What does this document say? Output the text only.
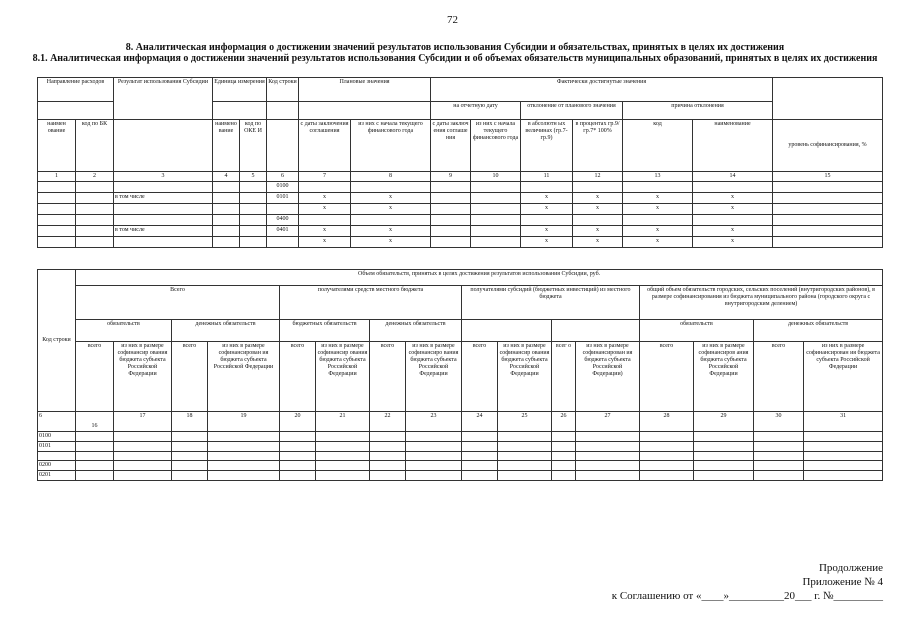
72
8. Аналитическая информация о достижении значений результатов использования Субсидии и обязательствах, принятых в целях их достижения
8.1. Аналитическая информация о достижении значений результатов использования Субсидии и об объемах обязательств муниципальных образований, принятых в целях их достижения
Направление расходов		Результат использования Субсидии	Единица измерения		Код строки	Плановые значения		Фактически достигнутые значения						
								на отчетную дату		отклонение от планового значения		причина отклонения		
наимен ование	код по БК		наимено вание	код по ОКЕ И		с даты заключения соглашения	из них с начала текущего финансового года	с даты заключ ения соглаше ния	из них с начала текущего финансового года	в абсолютн ых величинах (гр.7-гр.9)	в процентах гр.9/гр.7* 100%	код	наименование	уровень софинансирования, %
1	2	3	4	5	6	7	8	9	10	11	12	13	14	15
					0100									
		в том числе			0101	х	х			х	х	х	х	
						х	х			х	х	х	х	
					0400									
		в том числе			0401	х	х			х	х	х	х	
						х	х			х	х	х	х	
Код строки	Объем обязательств, принятых в целях достижения результатов использования Субсидии, руб.															
	Всего				получателями средств местного бюджета				получателями субсидий (бюджетных инвестиций) из местного бюджета				общий объем обязательств городских, сельских поселений (внутригородских районов), в размере софинансирования из бюджета муниципального района (городского округа с внутригородским делением)			
	обязательств		денежных обязательств		бюджетных обязательств		денежных обязательств						обязательств		денежных обязательств	
	всего	из них в размере софинансир ования бюджета субъекта Российской Федерации	всего	из них в размере софинансирован ия бюджета субъекта Российской Федерации	всего	из них в размере софинансир ования бюджета субъекта Российской Федерации	всего	из них в размере софинансиро вания бюджета субъекта Российской Федерации	всего	из них в размере софинансир ования бюджета субъекта Российской Федерации	всег о	из них в размере софинансирован ия бюджета субъекта Российской Федерации)	всего	из них в размере софинансиров ания бюджета субъекта Российской Федерации	всего	из них в размере софинансирован ия бюджета субъекта Российской Федерации
6	16	17	18	19	20	21	22	23	24	25	26	27	28	29	30	31
0100																
0101																

0200																
0201																
Продолжение
Приложение № 4
к Соглашению от «____»__________20___ г. №_________
